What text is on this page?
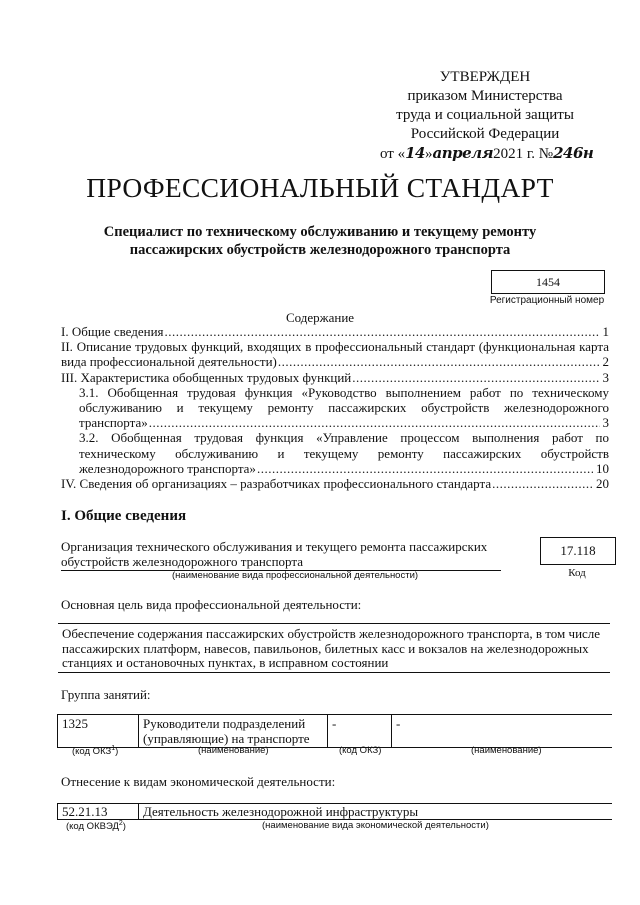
УТВЕРЖДЕН
приказом Министерства
труда и социальной защиты
Российской Федерации
от «14»апреля2021 г. №246н
ПРОФЕССИОНАЛЬНЫЙ СТАНДАРТ
Специалист по техническому обслуживанию и текущему ремонту
пассажирских обустройств железнодорожного транспорта
1454
Регистрационный номер
Содержание
I. Общие сведения .....	1
II. Описание трудовых функций, входящих в профессиональный стандарт (функциональная карта
вида профессиональной деятельности) .....	2
III. Характеристика обобщенных трудовых функций .....	3
3.1. Обобщенная трудовая функция «Руководство выполнением работ по техническому
обслуживанию и текущему ремонту пассажирских обустройств железнодорожного
транспорта» .....	3
3.2. Обобщенная трудовая функция «Управление процессом выполнения работ по
техническому обслуживанию и текущему ремонту пассажирских обустройств
железнодорожного транспорта» .....	10
IV. Сведения об организациях – разработчиках профессионального стандарта .....	20
I. Общие сведения
Организация технического обслуживания и текущего ремонта пассажирских
обустройств железнодорожного транспорта
(наименование вида профессиональной деятельности)
17.118
Код
Основная цель вида профессиональной деятельности:
Обеспечение содержания пассажирских обустройств железнодорожного транспорта, в том числе пассажирских платформ, навесов, павильонов, билетных касс и вокзалов на железнодорожных станциях и остановочных пунктах, в исправном состоянии
Группа занятий:
1325	Руководители подразделений (управляющие) на транспорте	-	-
(код ОКЗ$^1$)	(наименование)	(код ОКЗ)	(наименование)
Отнесение к видам экономической деятельности:
52.21.13	Деятельность железнодорожной инфраструктуры
(код ОКВЭД$^2$)	(наименование вида экономической деятельности)
